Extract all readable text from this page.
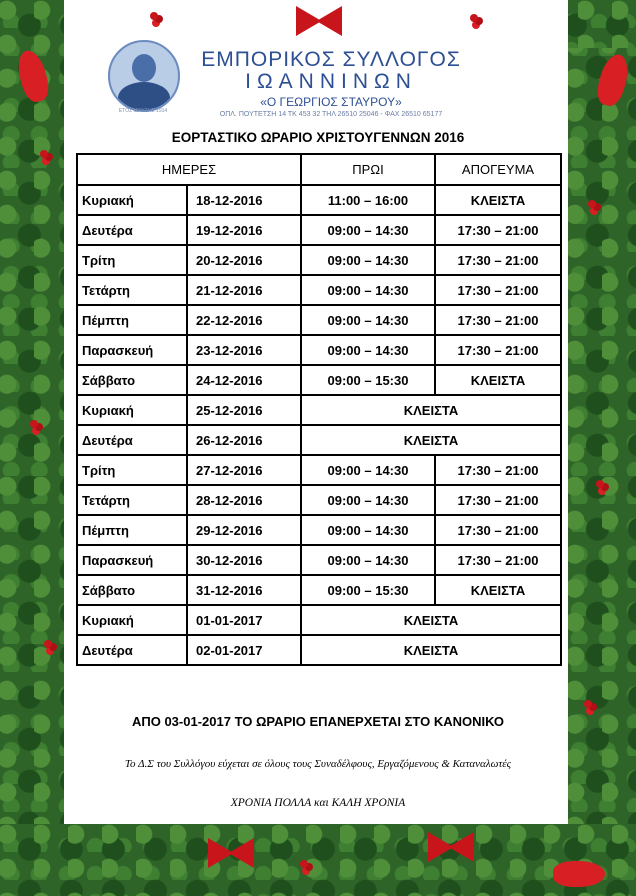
ΕΤΟΣ ΙΔΡΥΣΗΣ 1914
ΕΜΠΟΡΙΚΟΣ ΣΥΛΛΟΓΟΣ
ΙΩΑΝΝΙΝΩΝ
«Ο ΓΕΩΡΓΙΟΣ ΣΤΑΥΡΟΥ»
ΟΠΛ. ΠΟΥΤΕΤΣΗ 14 ΤΚ 453 32 ΤΗΛ 26510 25046 - ΦΑΧ 26510 65177
ΕΟΡΤΑΣΤΙΚΟ ΩΡΑΡΙΟ ΧΡΙΣΤΟΥΓΕΝΝΩΝ 2016
ΗΜΕΡΕΣ		ΠΡΩΙ	ΑΠΟΓΕΥΜΑ
Κυριακή	18-12-2016	11:00 – 16:00	ΚΛΕΙΣΤΑ
Δευτέρα	19-12-2016	09:00 – 14:30	17:30 – 21:00
Τρίτη	20-12-2016	09:00 – 14:30	17:30 – 21:00
Τετάρτη	21-12-2016	09:00 – 14:30	17:30 – 21:00
Πέμπτη	22-12-2016	09:00 – 14:30	17:30 – 21:00
Παρασκευή	23-12-2016	09:00 – 14:30	17:30 – 21:00
Σάββατο	24-12-2016	09:00 – 15:30	ΚΛΕΙΣΤΑ
Κυριακή	25-12-2016	ΚΛΕΙΣΤΑ	
Δευτέρα	26-12-2016	ΚΛΕΙΣΤΑ	
Τρίτη	27-12-2016	09:00 – 14:30	17:30 – 21:00
Τετάρτη	28-12-2016	09:00 – 14:30	17:30 – 21:00
Πέμπτη	29-12-2016	09:00 – 14:30	17:30 – 21:00
Παρασκευή	30-12-2016	09:00 – 14:30	17:30 – 21:00
Σάββατο	31-12-2016	09:00 – 15:30	ΚΛΕΙΣΤΑ
Κυριακή	01-01-2017	ΚΛΕΙΣΤΑ	
Δευτέρα	02-01-2017	ΚΛΕΙΣΤΑ	
ΑΠΟ 03-01-2017 ΤΟ ΩΡΑΡΙΟ ΕΠΑΝΕΡΧΕΤΑΙ ΣΤΟ ΚΑΝΟΝΙΚΟ
Το Δ.Σ του Συλλόγου εύχεται σε όλους τους Συναδέλφους, Εργαζόμενους & Καταναλωτές
ΧΡΟΝΙΑ ΠΟΛΛΑ και ΚΑΛΗ ΧΡΟΝΙΑ
